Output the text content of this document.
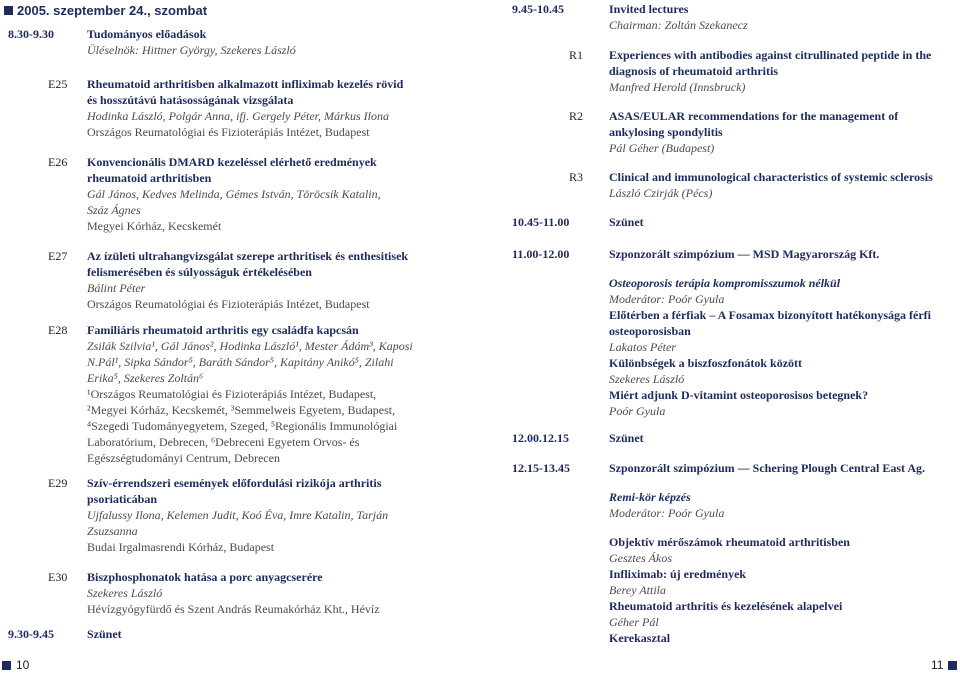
2005. szeptember 24., szombat
8.30-9.30	Tudományos előadások
Üléselnök: Hittner György, Szekeres László
E25 Rheumatoid arthritisben alkalmazott infliximab kezelés rövid
és hosszútávú hatásosságának vizsgálata
Hodinka László, Polgár Anna, ifj. Gergely Péter, Márkus Ilona
Országos Reumatológiai és Fizioterápiás Intézet, Budapest
E26 Konvencionális DMARD kezeléssel elérhető eredmények
rheumatoid arthritisben
Gál János, Kedves Melinda, Gémes István, Töröcsik Katalin,
Száz Ágnes
Megyei Kórház, Kecskemét
E27 Az ízületi ultrahangvizsgálat szerepe arthritisek és enthesitisek
felismerésében és súlyosságuk értékelésében
Bálint Péter
Országos Reumatológiai és Fizioterápiás Intézet, Budapest
E28 Familiáris rheumatoid arthritis egy családfa kapcsán
Zsilák Szilvia¹, Gál János², Hodinka László¹, Mester Ádám³, Kaposi
N.Pál¹, Sipka Sándor⁵, Baráth Sándor⁵, Kapitány Anikó⁵, Zilahi
Erika⁵, Szekeres Zoltán⁶
¹Országos Reumatológiai és Fizioterápiás Intézet, Budapest,
²Megyei Kórház, Kecskemét, ³Semmelweis Egyetem, Budapest,
⁴Szegedi Tudományegyetem, Szeged, ⁵Regionális Immunológiai
Laboratórium, Debrecen, ⁶Debreceni Egyetem Orvos- és
Egészségtudományi Centrum, Debrecen
E29 Szív-érrendszeri események előfordulási rizikója arthritis
psoriaticában
Ujfalussy Ilona, Kelemen Judit, Koó Éva, Imre Katalin, Tarján
Zsuzsanna
Budai Irgalmasrendi Kórház, Budapest
E30 Biszphosphonatok hatása a porc anyagcserére
Szekeres László
Hévízgyógyfürdő és Szent András Reumakórház Kht., Hévíz
9.30-9.45	Szünet
9.45-10.45	Invited lectures
Chairman: Zoltán Szekanecz
R1 Experiences with antibodies against citrullinated peptide in the
diagnosis of rheumatoid arthritis
Manfred Herold (Innsbruck)
R2 ASAS/EULAR recommendations for the management of
ankylosing spondylitis
Pál Géher (Budapest)
R3 Clinical and immunological characteristics of systemic sclerosis
László Czirják (Pécs)
10.45-11.00	Szünet
11.00-12.00	Szponzorált szimpózium — MSD Magyarország Kft.
Osteoporosis terápia kompromisszumok nélkül
Moderátor: Poór Gyula
Előtérben a férfiak – A Fosamax bizonyított hatékonysága férfi
osteoporosisban
Lakatos Péter
Különbségek a biszfoszfonátok között
Szekeres László
Miért adjunk D-vitamint osteoporosisos betegnek?
Poór Gyula
12.00.12.15	Szünet
12.15-13.45	Szponzorált szimpózium — Schering Plough Central East Ag.
Remi-kör képzés
Moderátor: Poór Gyula
Objektív mérőszámok rheumatoid arthritisben
Gesztes Ákos
Infliximab: új eredmények
Berey Attila
Rheumatoid arthritis és kezelésének alapelvei
Géher Pál
Kerekasztal
10	11
